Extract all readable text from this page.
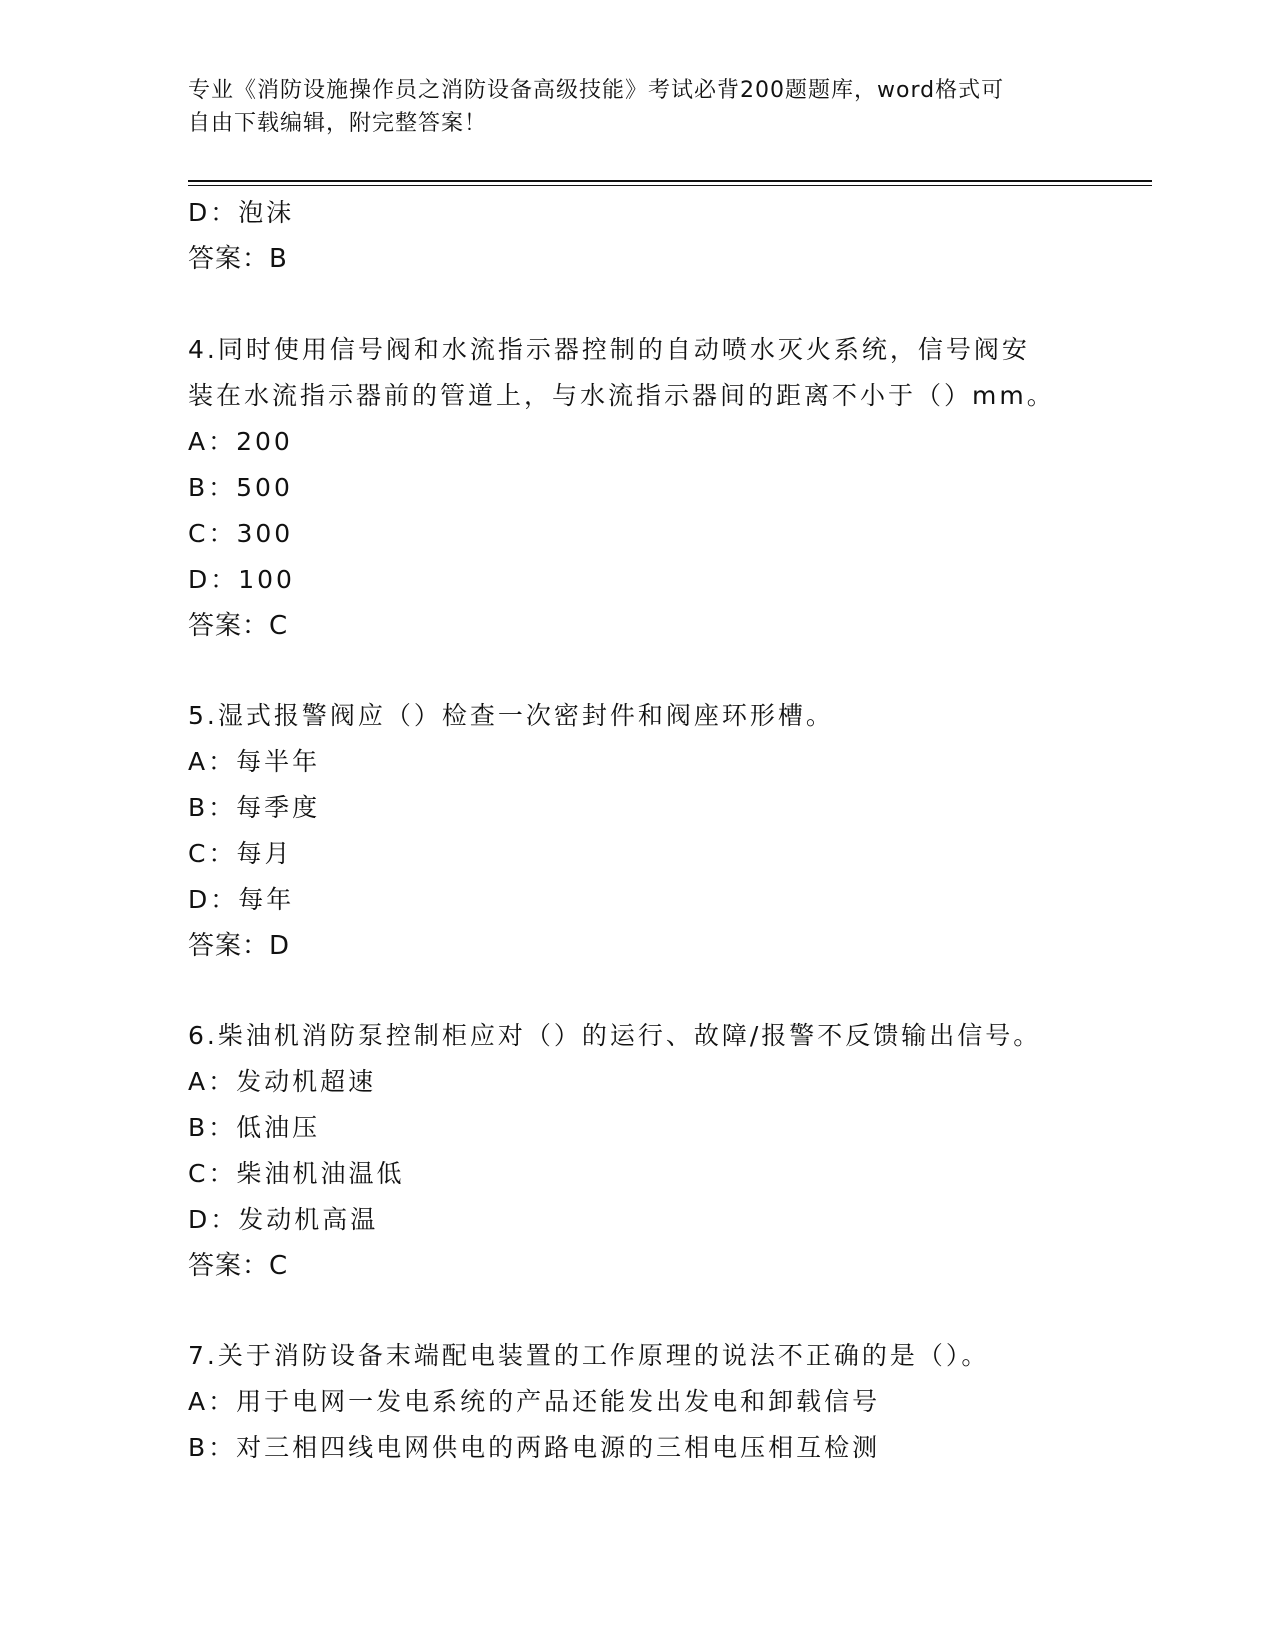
专业《消防设施操作员之消防设备高级技能》考试必背200题题库，word格式可
自由下载编辑，附完整答案！
D：泡沫
答案：B
4.同时使用信号阀和水流指示器控制的自动喷水灭火系统，信号阀安
装在水流指示器前的管道上，与水流指示器间的距离不小于（）mm。
A：200
B：500
C：300
D：100
答案：C
5.湿式报警阀应（）检查一次密封件和阀座环形槽。
A：每半年
B：每季度
C：每月
D：每年
答案：D
6.柴油机消防泵控制柜应对（）的运行、故障/报警不反馈输出信号。
A：发动机超速
B：低油压
C：柴油机油温低
D：发动机高温
答案：C
7.关于消防设备末端配电装置的工作原理的说法不正确的是（）。
A：用于电网一发电系统的产品还能发出发电和卸载信号
B：对三相四线电网供电的两路电源的三相电压相互检测
